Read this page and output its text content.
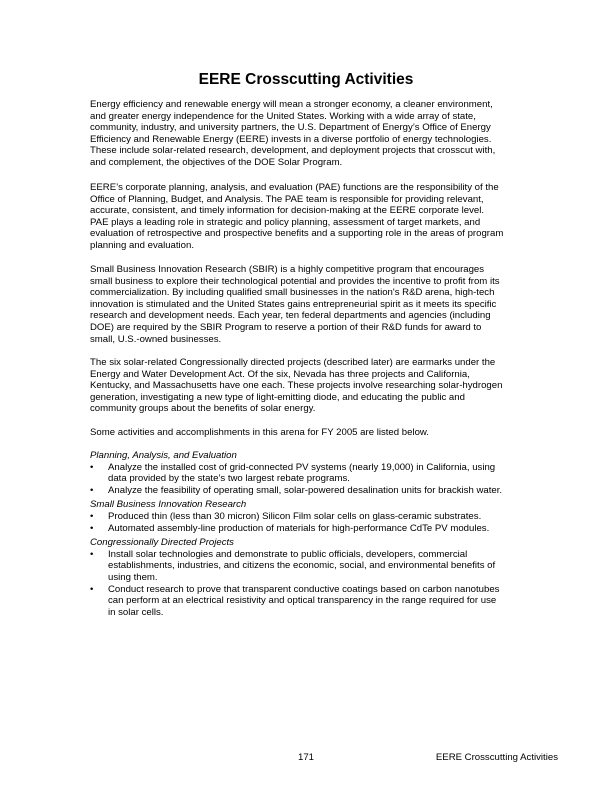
EERE Crosscutting Activities
Energy efficiency and renewable energy will mean a stronger economy, a cleaner environment,
and greater energy independence for the United States. Working with a wide array of state,
community, industry, and university partners, the U.S. Department of Energy’s Office of Energy
Efficiency and Renewable Energy (EERE) invests in a diverse portfolio of energy technologies.
These include solar-related research, development, and deployment projects that crosscut with,
and complement, the objectives of the DOE Solar Program.
EERE’s corporate planning, analysis, and evaluation (PAE) functions are the responsibility of the
Office of Planning, Budget, and Analysis. The PAE team is responsible for providing relevant,
accurate, consistent, and timely information for decision-making at the EERE corporate level.
PAE plays a leading role in strategic and policy planning, assessment of target markets, and
evaluation of retrospective and prospective benefits and a supporting role in the areas of program
planning and evaluation.
Small Business Innovation Research (SBIR) is a highly competitive program that encourages
small business to explore their technological potential and provides the incentive to profit from its
commercialization. By including qualified small businesses in the nation's R&D arena, high-tech
innovation is stimulated and the United States gains entrepreneurial spirit as it meets its specific
research and development needs. Each year, ten federal departments and agencies (including
DOE) are required by the SBIR Program to reserve a portion of their R&D funds for award to
small, U.S.-owned businesses.
The six solar-related Congressionally directed projects (described later) are earmarks under the
Energy and Water Development Act. Of the six, Nevada has three projects and California,
Kentucky, and Massachusetts have one each. These projects involve researching solar-hydrogen
generation, investigating a new type of light-emitting diode, and educating the public and
community groups about the benefits of solar energy.
Some activities and accomplishments in this arena for FY 2005 are listed below.
Planning, Analysis, and Evaluation
• Analyze the installed cost of grid-connected PV systems (nearly 19,000) in California, using
data provided by the state’s two largest rebate programs.
• Analyze the feasibility of operating small, solar-powered desalination units for brackish water.
Small Business Innovation Research
• Produced thin (less than 30 micron) Silicon Film solar cells on glass-ceramic substrates.
• Automated assembly-line production of materials for high-performance CdTe PV modules.
Congressionally Directed Projects
• Install solar technologies and demonstrate to public officials, developers, commercial
establishments, industries, and citizens the economic, social, and environmental benefits of
using them.
• Conduct research to prove that transparent conductive coatings based on carbon nanotubes
can perform at an electrical resistivity and optical transparency in the range required for use
in solar cells.
171	EERE Crosscutting Activities
